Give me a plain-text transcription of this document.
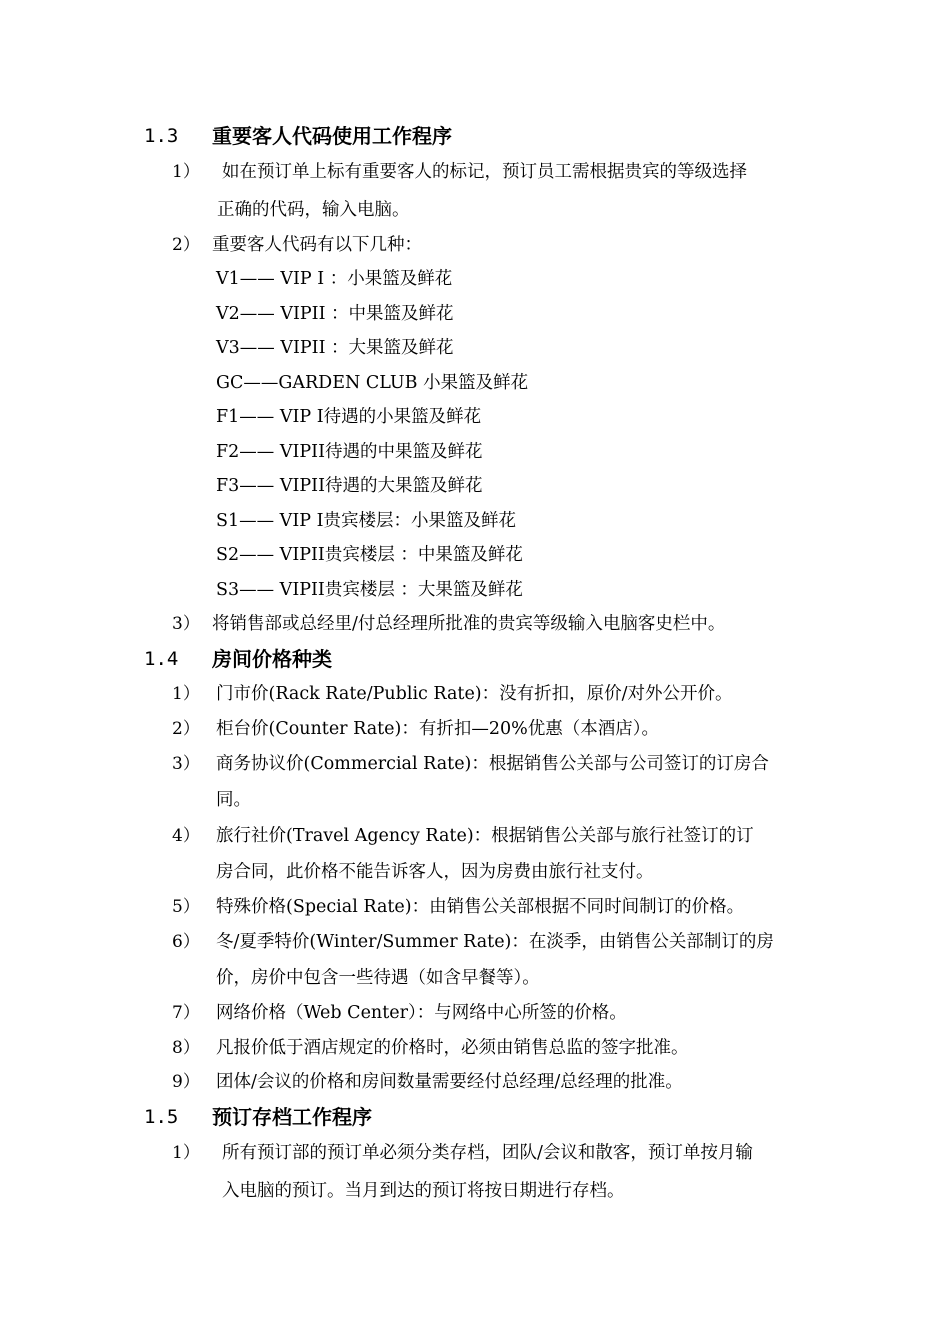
1.3 重要客人代码使用工作程序
1） 如在预订单上标有重要客人的标记，预订员工需根据贵宾的等级选择
正确的代码，输入电脑。
2） 重要客人代码有以下几种：
V1—— VIP I ：小果篮及鲜花
V2—— VIPII ：中果篮及鲜花
V3—— VIPII ：大果篮及鲜花
GC——GARDEN CLUB 小果篮及鲜花
F1—— VIP I待遇的小果篮及鲜花
F2—— VIPII待遇的中果篮及鲜花
F3—— VIPII待遇的大果篮及鲜花
S1—— VIP I贵宾楼层：小果篮及鲜花
S2—— VIPII贵宾楼层 ：中果篮及鲜花
S3—— VIPII贵宾楼层 ：大果篮及鲜花
3） 将销售部或总经里/付总经理所批准的贵宾等级输入电脑客史栏中。
1.4 房间价格种类
1） 门市价(Rack Rate/Public Rate)：没有折扣，原价/对外公开价。
2） 柜台价(Counter Rate)：有折扣—20%优惠（本酒店）。
3） 商务协议价(Commercial Rate)：根据销售公关部与公司签订的订房合
同。
4） 旅行社价(Travel Agency Rate)：根据销售公关部与旅行社签订的订
房合同，此价格不能告诉客人，因为房费由旅行社支付。
5） 特殊价格(Special Rate)：由销售公关部根据不同时间制订的价格。
6） 冬/夏季特价(Winter/Summer Rate)：在淡季，由销售公关部制订的房
价，房价中包含一些待遇（如含早餐等）。
7） 网络价格（Web Center）：与网络中心所签的价格。
8） 凡报价低于酒店规定的价格时，必须由销售总监的签字批准。
9） 团体/会议的价格和房间数量需要经付总经理/总经理的批准。
1.5 预订存档工作程序
1） 所有预订部的预订单必须分类存档，团队/会议和散客，预订单按月输
入电脑的预订。当月到达的预订将按日期进行存档。
